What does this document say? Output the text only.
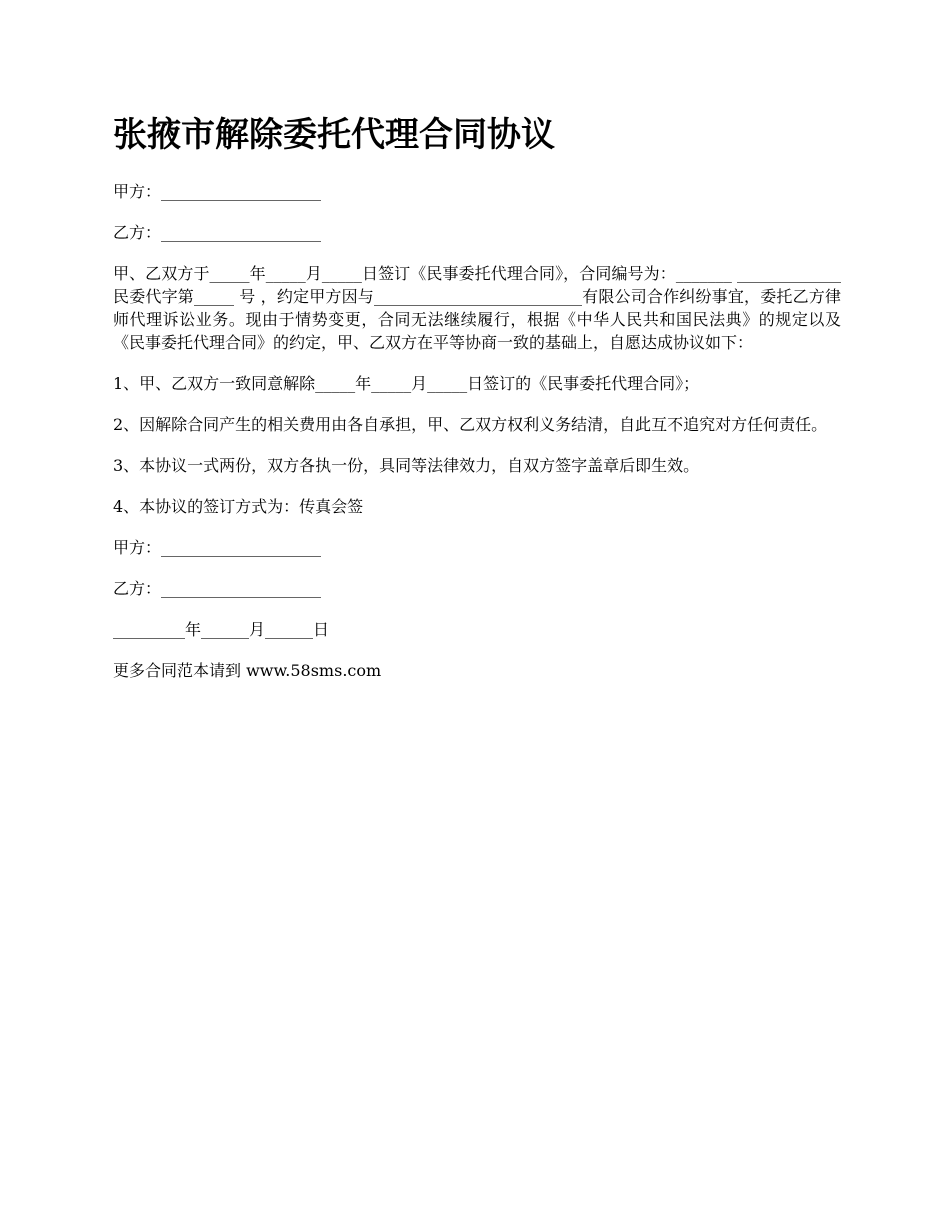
张掖市解除委托代理合同协议

甲方：____________________

乙方：____________________

甲、乙双方于_____年_____月_____日签订《民事委托代理合同》，合同编号为：_______ _____________ 民委代字第_____ 号 ，约定甲方因与__________________________有限公司合作纠纷事宜，委托乙方律师代理诉讼业务。现由于情势变更，合同无法继续履行，根据《中华人民共和国民法典》的规定以及《民事委托代理合同》的约定，甲、乙双方在平等协商一致的基础上，自愿达成协议如下：

1、甲、乙双方一致同意解除_____年_____月_____日签订的《民事委托代理合同》；

2、因解除合同产生的相关费用由各自承担，甲、乙双方权利义务结清，自此互不追究对方任何责任。

3、本协议一式两份，双方各执一份，具同等法律效力，自双方签字盖章后即生效。

4、本协议的签订方式为：传真会签

甲方：____________________

乙方：____________________

_________年______月______日

更多合同范本请到 www.58sms.com
